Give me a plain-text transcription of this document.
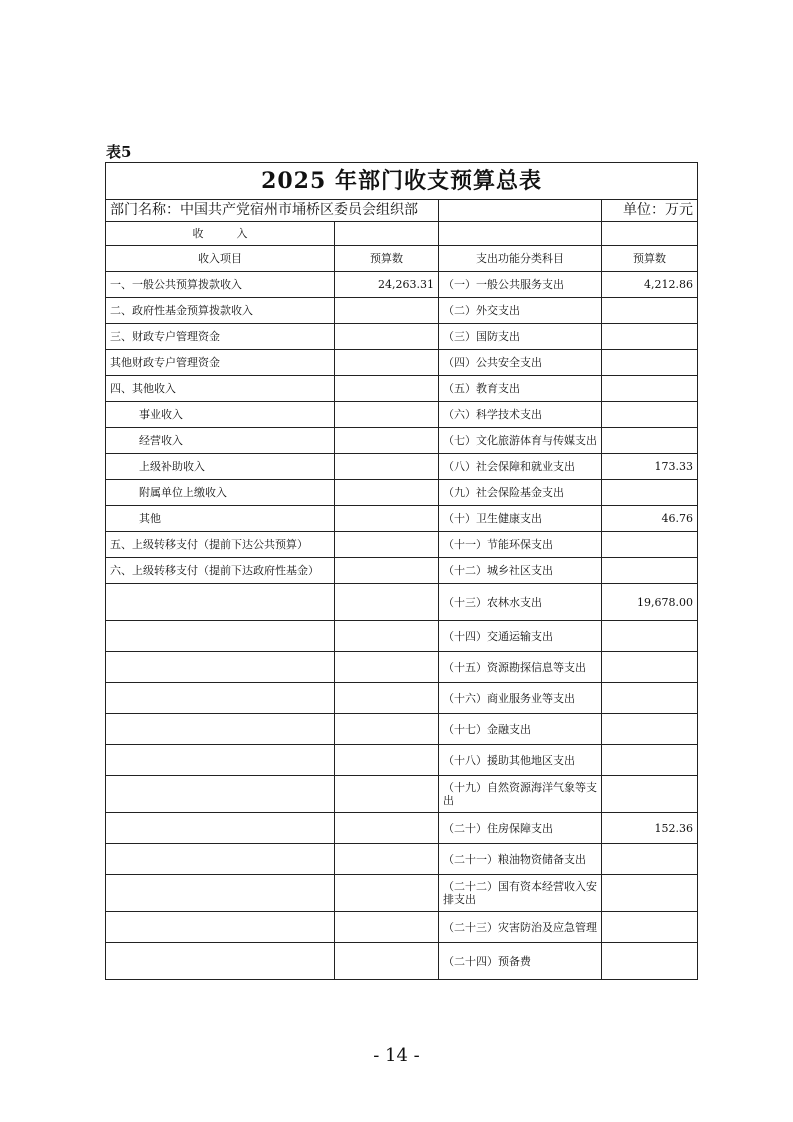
表5
2025 年部门收支预算总表			
部门名称：中国共产党宿州市埇桥区委员会组织部			单位：万元
收　　　入			
收入项目	预算数	支出功能分类科目	预算数
一、一般公共预算拨款收入	24,263.31	（一）一般公共服务支出	4,212.86
二、政府性基金预算拨款收入		（二）外交支出	
三、财政专户管理资金		（三）国防支出	
其他财政专户管理资金		（四）公共安全支出	
四、其他收入		（五）教育支出	
事业收入		（六）科学技术支出	
经营收入		（七）文化旅游体育与传媒支出	
上级补助收入		（八）社会保障和就业支出	173.33
附属单位上缴收入		（九）社会保险基金支出	
其他		（十）卫生健康支出	46.76
五、上级转移支付（提前下达公共预算）		（十一）节能环保支出	
六、上级转移支付（提前下达政府性基金）		（十二）城乡社区支出	
		（十三）农林水支出	19,678.00
		（十四）交通运输支出	
		（十五）资源勘探信息等支出	
		（十六）商业服务业等支出	
		（十七）金融支出	
		（十八）援助其他地区支出	
		（十九）自然资源海洋气象等支出	
		（二十）住房保障支出	152.36
		（二十一）粮油物资储备支出	
		（二十二）国有资本经营收入安排支出	
		（二十三）灾害防治及应急管理	
		（二十四）预备费	
- 14 -
